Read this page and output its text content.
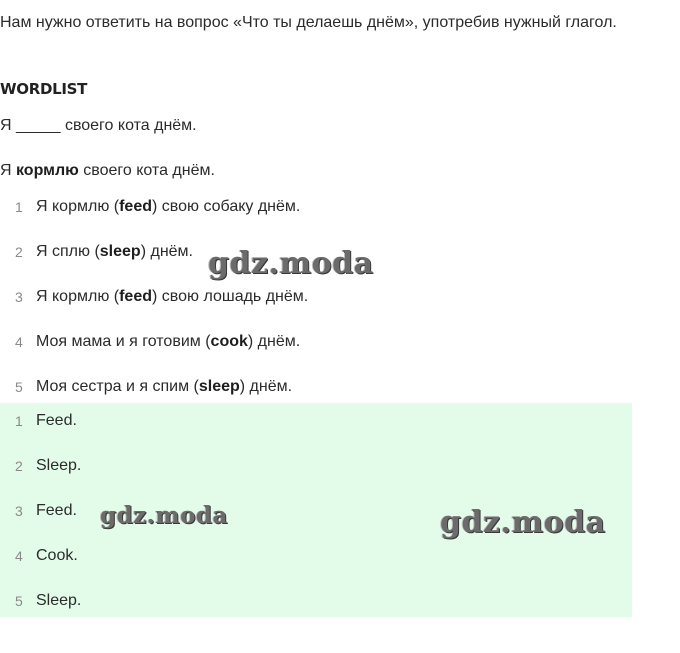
Нам нужно ответить на вопрос «Что ты делаешь днём», употребив нужный глагол.
WORDLIST
Я _____ своего кота днём.
Я кормлю своего кота днём.
1 Я кормлю (feed) свою собаку днём.
2 Я сплю (sleep) днём.
3 Я кормлю (feed) свою лошадь днём.
4 Моя мама и я готовим (cook) днём.
5 Моя сестра и я спим (sleep) днём.
1 Feed.
2 Sleep.
3 Feed.
4 Cook.
5 Sleep.
gdz.moda
gdz.moda	gdz.moda
